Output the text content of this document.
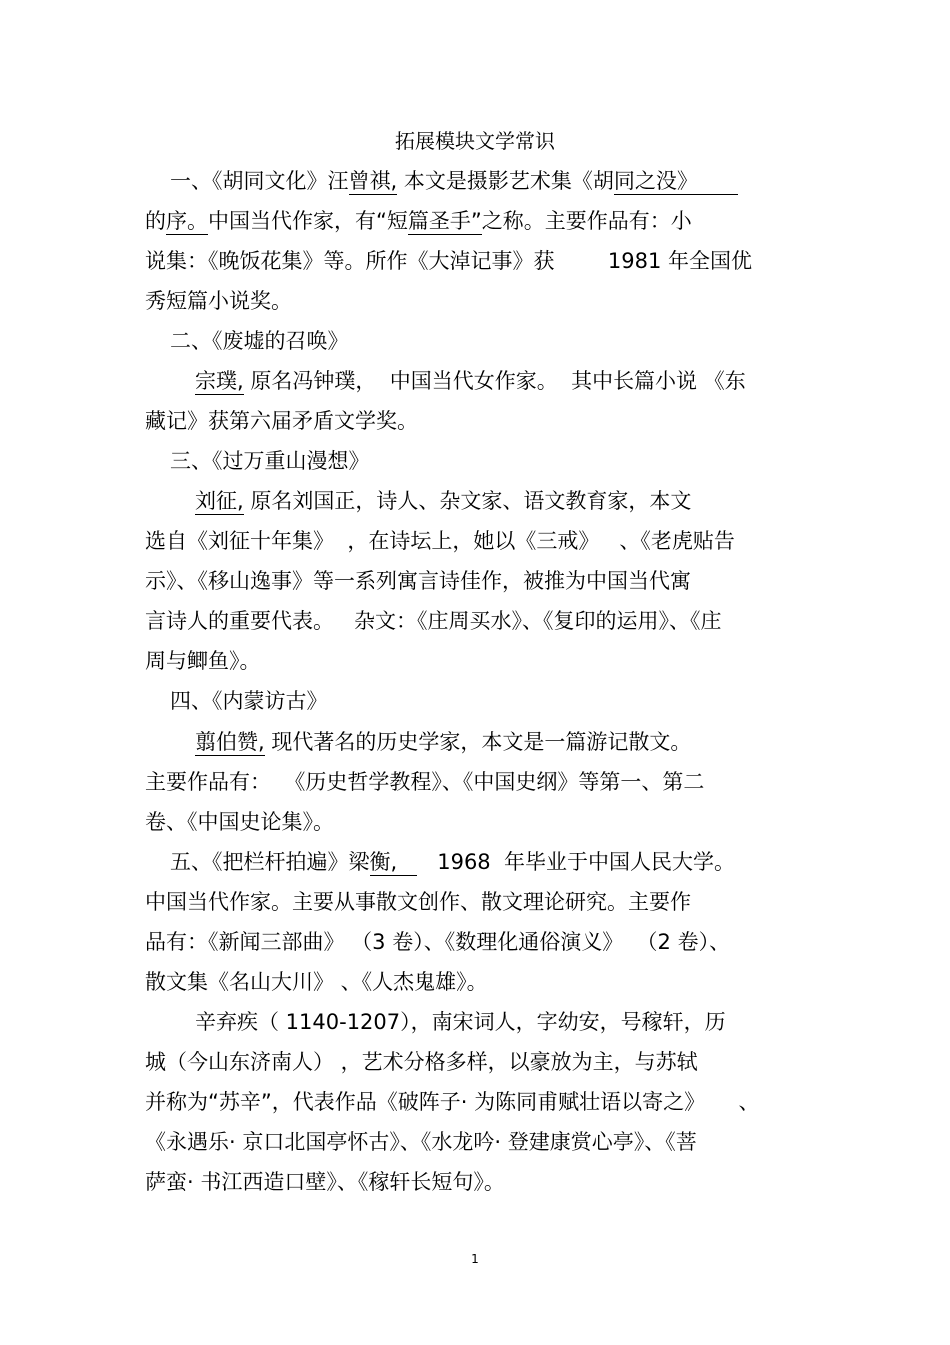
拓展模块文学常识
一、《胡同文化》汪曾祺, 本文是摄影艺术集《胡同之没》
的序。中国当代作家，有“短篇圣手”之称。主要作品有：小
说集：《晚饭花集》等。所作《大淖记事》获        1981 年全国优
秀短篇小说奖。
二、《废墟的召唤》
宗璞, 原名冯钟璞，  中国当代女作家。  其中长篇小说 《东
藏记》获第六届矛盾文学奖。
三、《过万重山漫想》
刘征, 原名刘国正，诗人、杂文家、语文教育家，本文
选自《刘征十年集》  ，在诗坛上，她以《三戒》   、《老虎贴告
示》、《移山逸事》等一系列寓言诗佳作，被推为中国当代寓
言诗人的重要代表。   杂文：《庄周买水》、《复印的运用》、《庄
周与鲫鱼》。
四、《内蒙访古》
翦伯赞, 现代著名的历史学家，本文是一篇游记散文。
主要作品有：  《历史哲学教程》、《中国史纲》等第一、第二
卷、《中国史论集》。
五、《把栏杆拍遍》梁衡,      1968  年毕业于中国人民大学。
中国当代作家。主要从事散文创作、散文理论研究。主要作
品有：《新闻三部曲》 （3 卷）、《数理化通俗演义》  （2 卷）、
散文集《名山大川》 、《人杰鬼雄》。
辛弃疾（ 1140-1207），南宋词人，字幼安，号稼轩，历
城（今山东济南人） ，艺术分格多样，以豪放为主，与苏轼
并称为“苏辛”，代表作品《破阵子· 为陈同甫赋壮语以寄之》     、
《永遇乐· 京口北国亭怀古》、《水龙吟· 登建康赏心亭》、《菩
萨蛮· 书江西造口壁》、《稼轩长短句》。
1
